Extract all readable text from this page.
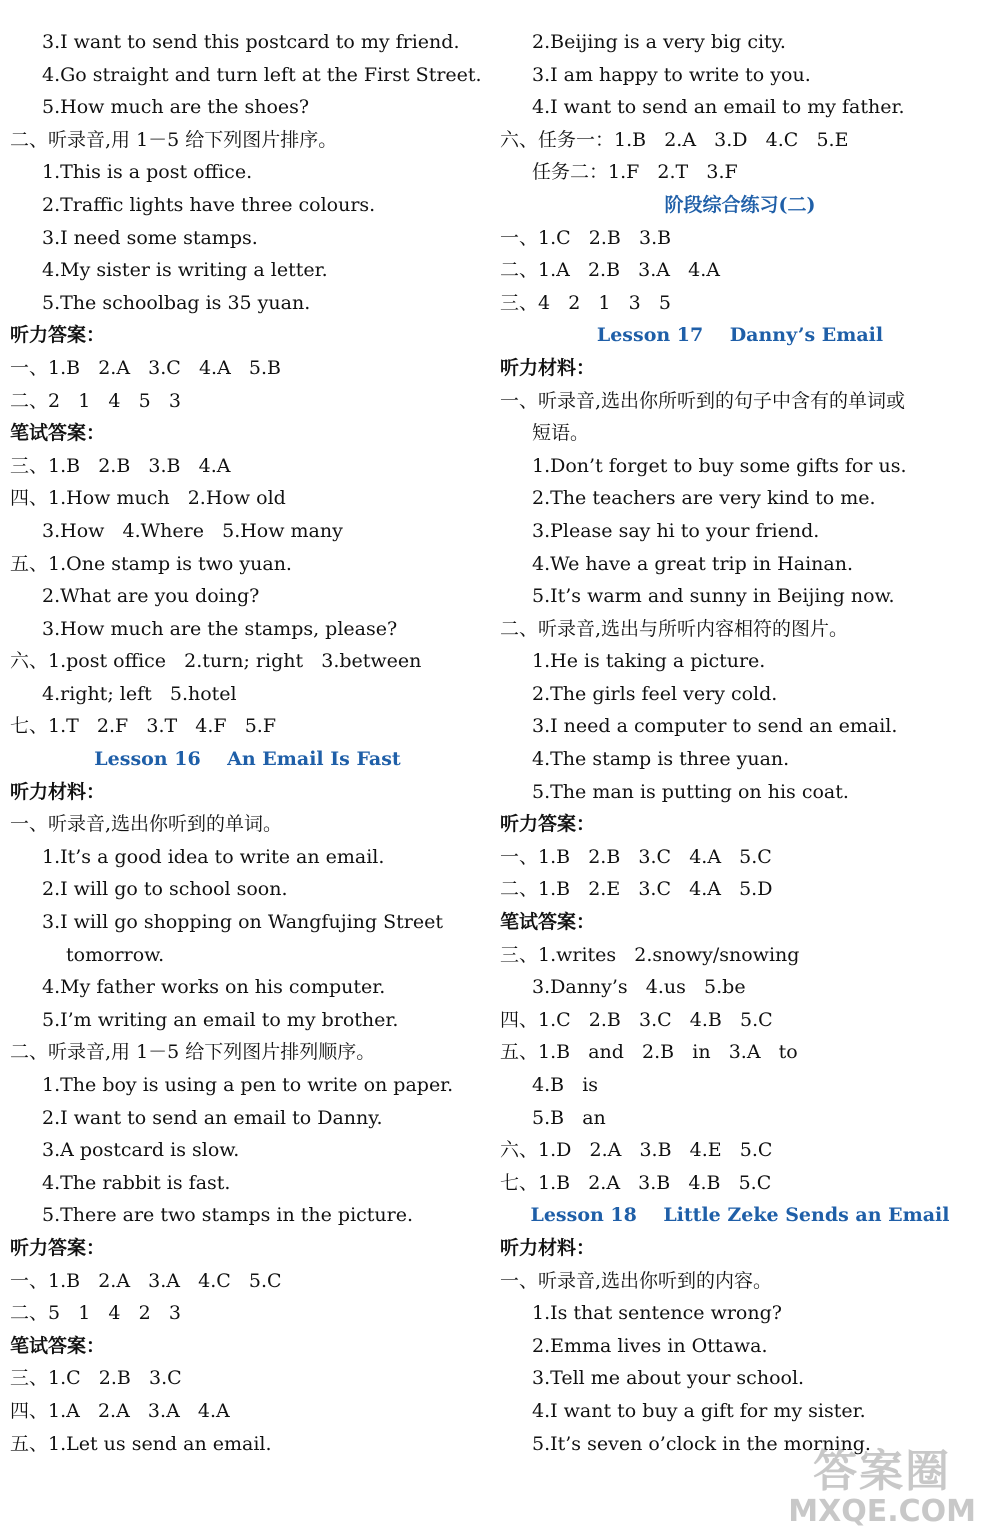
3.I want to send this postcard to my friend.
4.Go straight and turn left at the First Street.
5.How much are the shoes?
二、听录音,用 1－5 给下列图片排序。
1.This is a post office.
2.Traffic lights have three colours.
3.I need some stamps.
4.My sister is writing a letter.
5.The schoolbag is 35 yuan.
听力答案：
一、1.B   2.A   3.C   4.A   5.B
二、2   1   4   5   3
笔试答案：
三、1.B   2.B   3.B   4.A
四、1.How much   2.How old
3.How   4.Where   5.How many
五、1.One stamp is two yuan.
2.What are you doing?
3.How much are the stamps, please?
六、1.post office   2.turn; right   3.between
4.right; left   5.hotel
七、1.T   2.F   3.T   4.F   5.F
Lesson 16    An Email Is Fast
听力材料：
一、听录音,选出你听到的单词。
1.It’s a good idea to write an email.
2.I will go to school soon.
3.I will go shopping on Wangfujing Street
tomorrow.
4.My father works on his computer.
5.I’m writing an email to my brother.
二、听录音,用 1－5 给下列图片排列顺序。
1.The boy is using a pen to write on paper.
2.I want to send an email to Danny.
3.A postcard is slow.
4.The rabbit is fast.
5.There are two stamps in the picture.
听力答案：
一、1.B   2.A   3.A   4.C   5.C
二、5   1   4   2   3
笔试答案：
三、1.C   2.B   3.C
四、1.A   2.A   3.A   4.A
五、1.Let us send an email.
2.Beijing is a very big city.
3.I am happy to write to you.
4.I want to send an email to my father.
六、任务一：1.B   2.A   3.D   4.C   5.E
任务二：1.F   2.T   3.F
阶段综合练习(二)
一、1.C   2.B   3.B
二、1.A   2.B   3.A   4.A
三、4   2   1   3   5
Lesson 17    Danny’s Email
听力材料：
一、听录音,选出你所听到的句子中含有的单词或
短语。
1.Don’t forget to buy some gifts for us.
2.The teachers are very kind to me.
3.Please say hi to your friend.
4.We have a great trip in Hainan.
5.It’s warm and sunny in Beijing now.
二、听录音,选出与所听内容相符的图片。
1.He is taking a picture.
2.The girls feel very cold.
3.I need a computer to send an email.
4.The stamp is three yuan.
5.The man is putting on his coat.
听力答案：
一、1.B   2.B   3.C   4.A   5.C
二、1.B   2.E   3.C   4.A   5.D
笔试答案：
三、1.writes   2.snowy/snowing
3.Danny’s   4.us   5.be
四、1.C   2.B   3.C   4.B   5.C
五、1.B   and   2.B   in   3.A   to
4.B   is
5.B   an
六、1.D   2.A   3.B   4.E   5.C
七、1.B   2.A   3.B   4.B   5.C
Lesson 18    Little Zeke Sends an Email
听力材料：
一、听录音,选出你听到的内容。
1.Is that sentence wrong?
2.Emma lives in Ottawa.
3.Tell me about your school.
4.I want to buy a gift for my sister.
5.It’s seven o’clock in the morning.
答案圈
MXQE.COM
